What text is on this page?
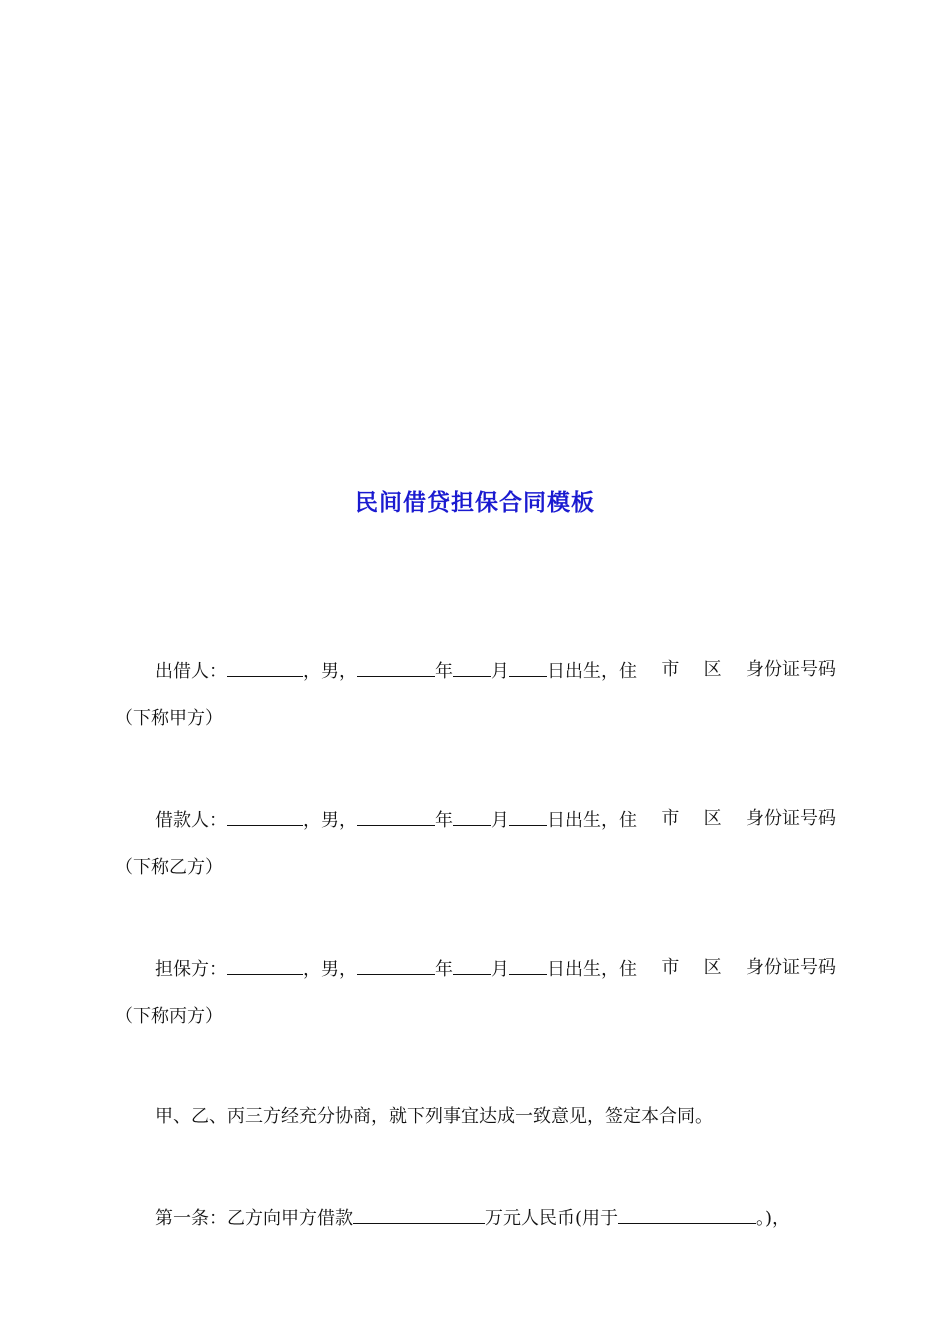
民间借贷担保合同模板
出借人：	，男，	年 月 日出生，住 市 区 身份证号码
（下称甲方）
借款人：	，男，	年 月 日出生，住 市 区 身份证号码
（下称乙方）
担保方：	，男，	年 月 日出生，住 市 区 身份证号码
（下称丙方）
甲、乙、丙三方经充分协商，就下列事宜达成一致意见，签定本合同。
第一条：乙方向甲方借款	万元人民币(用于	。)，
